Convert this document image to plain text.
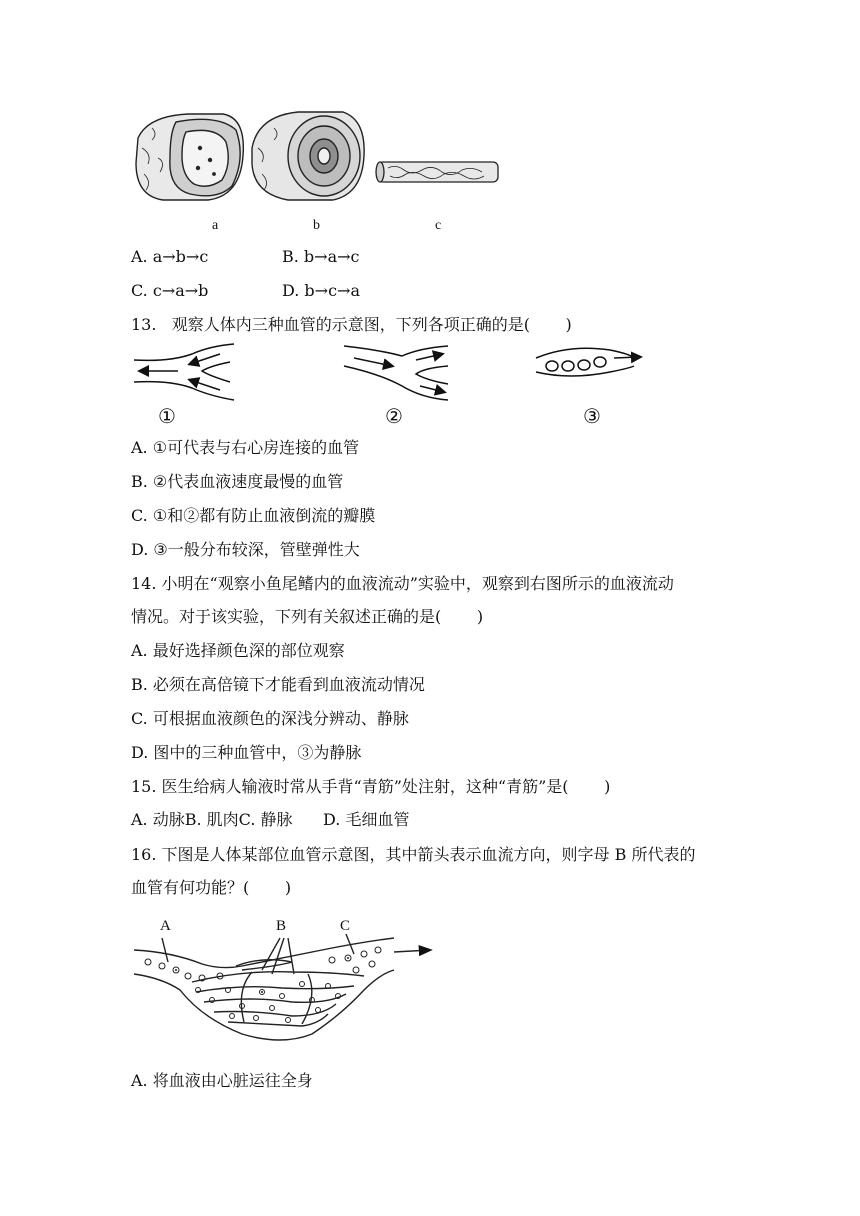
a	b	c
A. a→b→c	B. b→a→c
C. c→a→b	D. b→c→a
13.   观察人体内三种血管的示意图，下列各项正确的是(       )
①	②	③
A. ①可代表与右心房连接的血管
B. ②代表血液速度最慢的血管
C. ①和②都有防止血液倒流的瓣膜
D. ③一般分布较深，管壁弹性大
14. 小明在“观察小鱼尾鳍内的血液流动”实验中，观察到右图所示的血液流动
情况。对于该实验，下列有关叙述正确的是(       )
A. 最好选择颜色深的部位观察
B. 必须在高倍镜下才能看到血液流动情况
C. 可根据血液颜色的深浅分辨动、静脉
D. 图中的三种血管中，③为静脉
15. 医生给病人输液时常从手背“青筋”处注射，这种“青筋”是(       )
A. 动脉B. 肌肉C. 静脉      D. 毛细血管
16. 下图是人体某部位血管示意图，其中箭头表示血流方向，则字母 B 所代表的
血管有何功能？(       )
A	B	C
A. 将血液由心脏运往全身
